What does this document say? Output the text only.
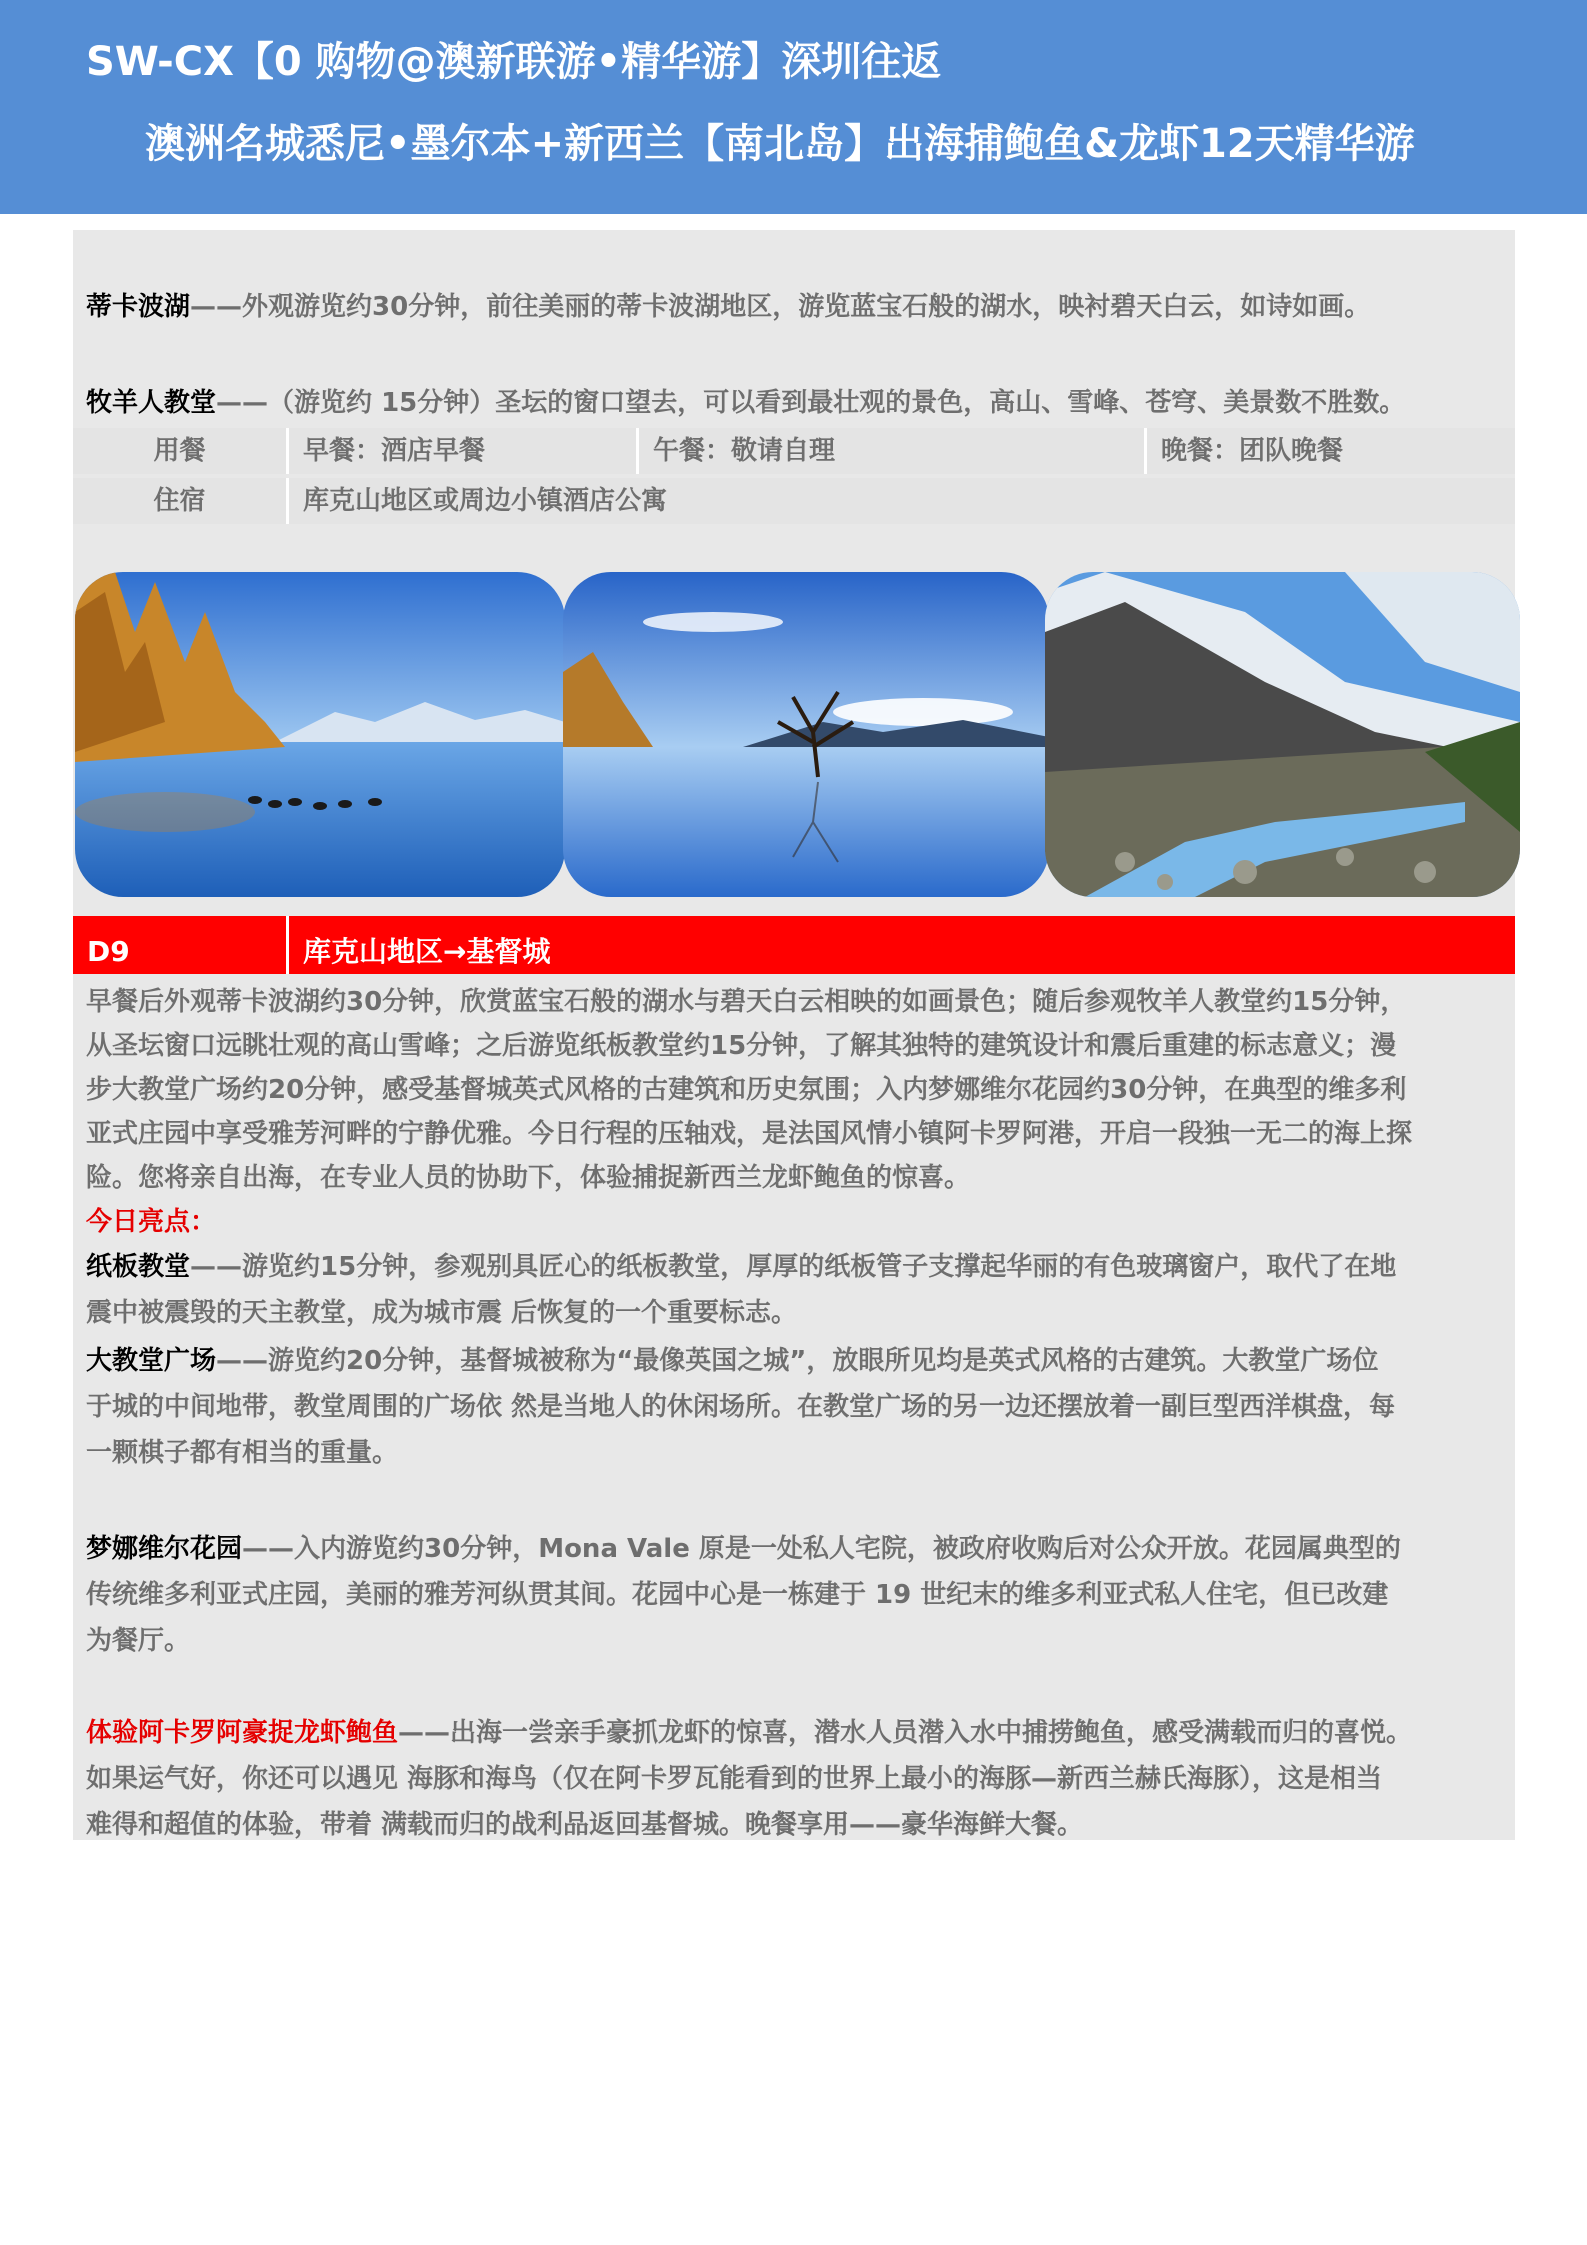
SW-CX【0 购物@澳新联游•精华游】深圳往返
澳洲名城悉尼•墨尔本+新西兰【南北岛】出海捕鲍鱼&龙虾12天精华游
蒂卡波湖——外观游览约30分钟，前往美丽的蒂卡波湖地区，游览蓝宝石般的湖水，映衬碧天白云，如诗如画。
牧羊人教堂——（游览约 15分钟）圣坛的窗口望去，可以看到最壮观的景色，高山、雪峰、苍穹、美景数不胜数。
用餐	早餐：酒店早餐	午餐：敬请自理	晚餐：团队晚餐
住宿	库克山地区或周边小镇酒店公寓
D9	库克山地区→基督城
早餐后外观蒂卡波湖约30分钟，欣赏蓝宝石般的湖水与碧天白云相映的如画景色；随后参观牧羊人教堂约15分钟，
从圣坛窗口远眺壮观的高山雪峰；之后游览纸板教堂约15分钟，了解其独特的建筑设计和震后重建的标志意义；漫
步大教堂广场约20分钟，感受基督城英式风格的古建筑和历史氛围；入内梦娜维尔花园约30分钟，在典型的维多利
亚式庄园中享受雅芳河畔的宁静优雅。今日行程的压轴戏，是法国风情小镇阿卡罗阿港，开启一段独一无二的海上探
险。您将亲自出海，在专业人员的协助下，体验捕捉新西兰龙虾鲍鱼的惊喜。
今日亮点：
纸板教堂——游览约15分钟，参观别具匠心的纸板教堂，厚厚的纸板管子支撑起华丽的有色玻璃窗户，取代了在地
震中被震毁的天主教堂，成为城市震 后恢复的一个重要标志。
大教堂广场——游览约20分钟，基督城被称为“最像英国之城”，放眼所见均是英式风格的古建筑。大教堂广场位
于城的中间地带，教堂周围的广场依 然是当地人的休闲场所。在教堂广场的另一边还摆放着一副巨型西洋棋盘，每
一颗棋子都有相当的重量。
梦娜维尔花园——入内游览约30分钟，Mona Vale 原是一处私人宅院，被政府收购后对公众开放。花园属典型的
传统维多利亚式庄园，美丽的雅芳河纵贯其间。花园中心是一栋建于 19 世纪末的维多利亚式私人住宅，但已改建
为餐厅。
体验阿卡罗阿豪捉龙虾鲍鱼——出海一尝亲手豪抓龙虾的惊喜，潜水人员潜入水中捕捞鲍鱼，感受满载而归的喜悦。
如果运气好，你还可以遇见 海豚和海鸟（仅在阿卡罗瓦能看到的世界上最小的海豚—新西兰赫氏海豚），这是相当
难得和超值的体验，带着 满载而归的战利品返回基督城。晚餐享用——豪华海鲜大餐。
